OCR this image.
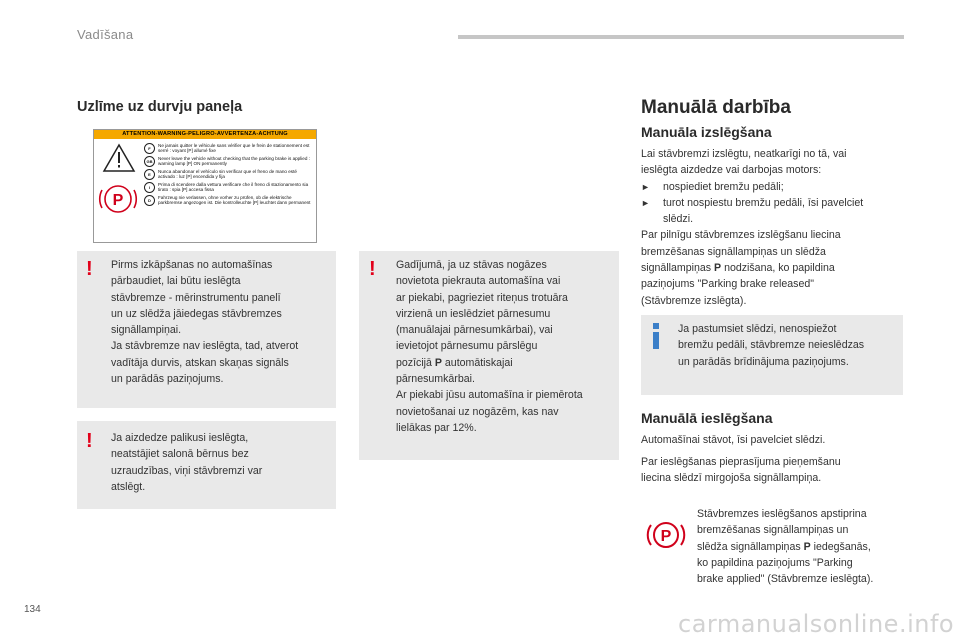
Vadīšana
Uzlīme uz durvju paneļa
ATTENTION-WARNING-PELIGRO-AVVERTENZA-ACHTUNG
P
F
Ne jamais quitter le véhicule sans vérifier que le frein de stationnement est serré : voyant [P] allumé fixe
GB
Never leave the vehicle without checking that the parking brake is applied : warning lamp [P] ON permanently
E
Nunca abandonar el vehículo sin verificar que el freno de mano esté activado : luz [P] encendida y fija
I
Prima di scendere dalla vettura verificare che il freno di stazionamento sia tirato : spia [P] accesa fissa
D
Fahrzeug nie verlassen, ohne vorher zu prüfen, ob die elektrische parkbremse angezogen ist. Die kontrolleuchte [P] leuchtet dann permanent
! Pirms izkāpšanas no automašīnas
pārbaudiet, lai būtu ieslēgta
stāvbremze - mērinstrumentu panelī
un uz slēdža jāiedegas stāvbremzes
signāllampiņai.
Ja stāvbremze nav ieslēgta, tad, atverot
vadītāja durvis, atskan skaņas signāls
un parādās paziņojums.
! Ja aizdedze palikusi ieslēgta,
neatstājiet salonā bērnus bez
uzraudzības, viņi stāvbremzi var
atslēgt.
! Gadījumā, ja uz stāvas nogāzes
novietota piekrauta automašīna vai
ar piekabi, pagrieziet riteņus trotuāra
virzienā un ieslēdziet pārnesumu
(manuālajai pārnesumkārbai), vai
ievietojot pārnesumu pārslēgu
pozīcijā P automātiskajai
pārnesumkārbai.
Ar piekabi jūsu automašīna ir piemērota
novietošanai uz nogāzēm, kas nav
lielākas par 12%.
Manuālā darbība
Manuāla izslēgšana
Lai stāvbremzi izslēgtu, neatkarīgi no tā, vai
ieslēgta aizdedze vai darbojas motors:
►	nospiediet bremžu pedāli;
►	turot nospiestu bremžu pedāli, īsi pavelciet
slēdzi.
Par pilnīgu stāvbremzes izslēgšanu liecina
bremzēšanas signāllampiņas un slēdža
signāllampiņas P nodzišana, ko papildina
paziņojums "Parking brake released"
(Stāvbremze izslēgta).
Ja pastumsiet slēdzi, nenospiežot
bremžu pedāli, stāvbremze neieslēdzas
un parādās brīdinājuma paziņojums.
Manuālā ieslēgšana
Automašīnai stāvot, īsi pavelciet slēdzi.
Par ieslēgšanas pieprasījuma pieņemšanu
liecina slēdzī mirgojoša signāllampiņa.
P
Stāvbremzes ieslēgšanos apstiprina
bremzēšanas signāllampiņas un
slēdža signāllampiņas P iedegšanās,
ko papildina paziņojums "Parking
brake applied" (Stāvbremze ieslēgta).
134
carmanualsonline.info
